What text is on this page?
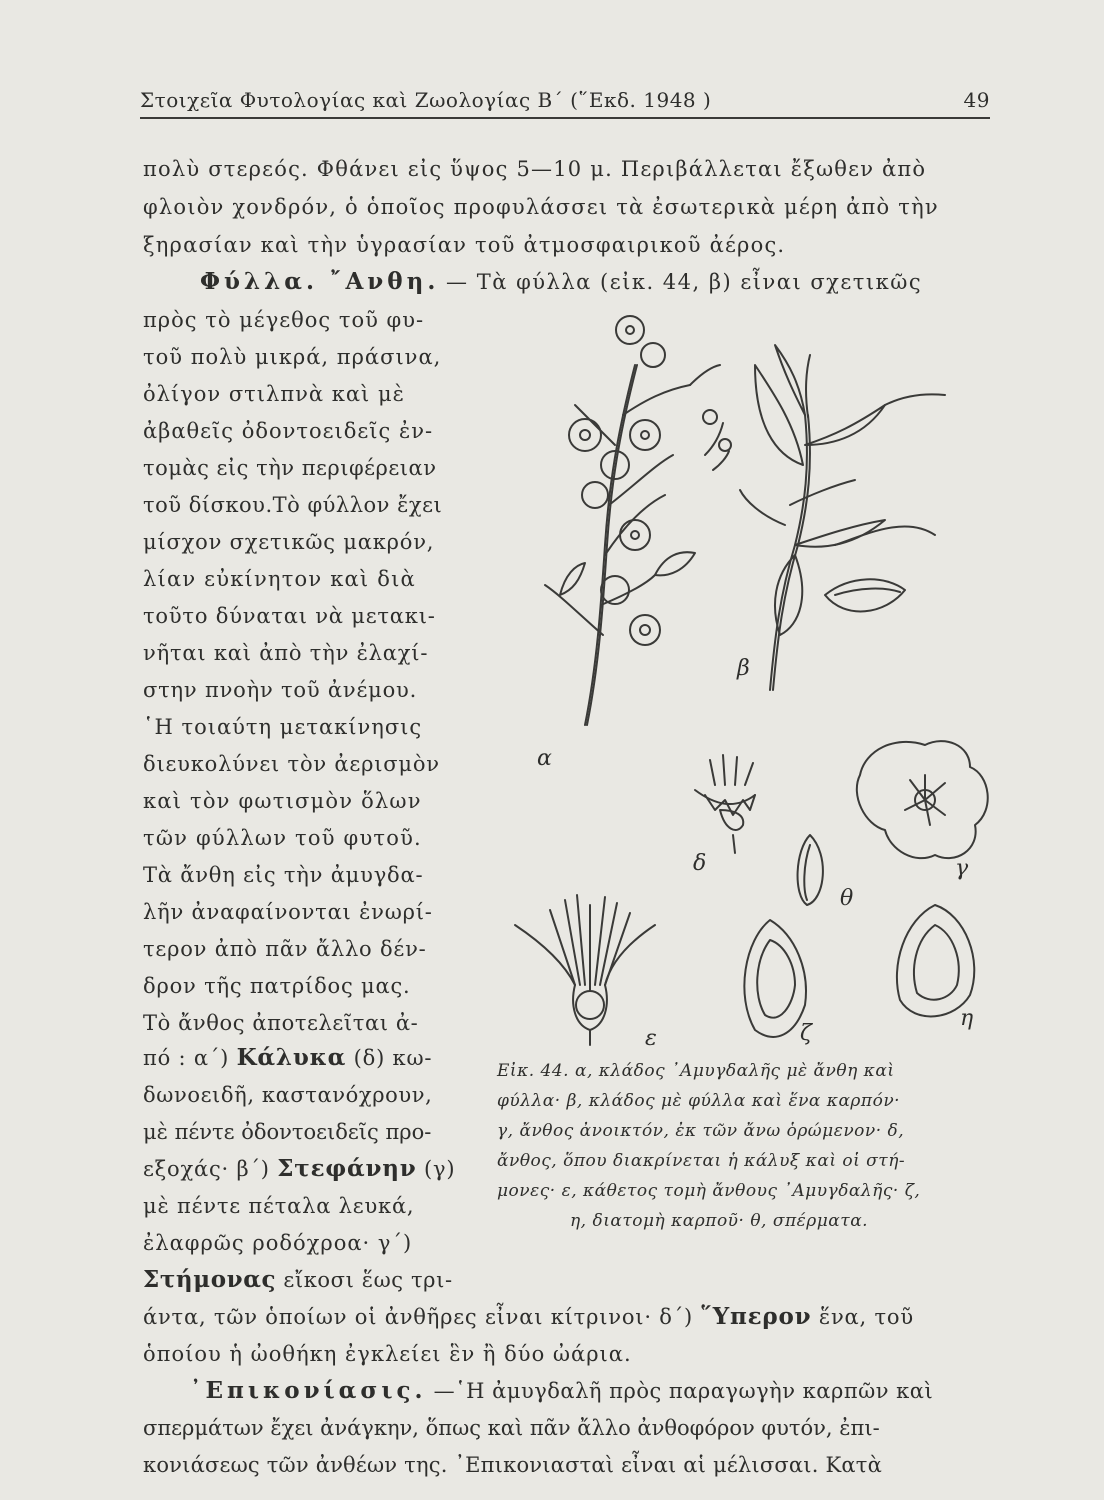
Στοιχεῖα Φυτολογίας καὶ Ζωολογίας Β΄ (῞Εκδ. 1948 )	49
πολὺ στερεός. Φθάνει εἰς ὕψος 5—10 μ. Περιβάλλεται ἔξωθεν ἀπὸ
φλοιὸν χονδρόν, ὁ ὁποῖος προφυλάσσει τὰ ἐσωτερικὰ μέρη ἀπὸ τὴν
ξηρασίαν καὶ τὴν ὑγρασίαν τοῦ ἀτμοσφαιρικοῦ ἀέρος.
Φύλλα. ῎Ανθη. — Τὰ φύλλα (εἰκ. 44, β) εἶναι σχετικῶς
πρὸς τὸ μέγεθος τοῦ φυ-
τοῦ πολὺ μικρά, πράσινα,
ὀλίγον στιλπνὰ καὶ μὲ
ἀβαθεῖς ὀδοντοειδεῖς ἐν-
τομὰς εἰς τὴν περιφέρειαν
τοῦ δίσκου.Τὸ φύλλον ἔχει
μίσχον σχετικῶς μακρόν,
λίαν εὐκίνητον καὶ διὰ
τοῦτο δύναται νὰ μετακι-
νῆται καὶ ἀπὸ τὴν ἐλαχί-
στην πνοὴν τοῦ ἀνέμου.
῾Η τοιαύτη μετακίνησις
διευκολύνει τὸν ἀερισμὸν
καὶ τὸν φωτισμὸν ὅλων
τῶν φύλλων τοῦ φυτοῦ.
Τὰ ἄνθη εἰς τὴν ἀμυγδα-
λῆν ἀναφαίνονται ἐνωρί-
τερον ἀπὸ πᾶν ἄλλο δέν-
δρον τῆς πατρίδος μας.
Τὸ ἄνθος ἀποτελεῖται ἀ-
πό : α΄) Κάλυκα (δ) κω-
δωνοειδῆ, καστανόχρουν,
μὲ πέντε ὀδοντοειδεῖς προ-
εξοχάς· β΄) Στεφάνην (γ)
μὲ πέντε πέταλα λευκά,
ἐλαφρῶς ροδόχροα· γ΄)
Στήμονας εἴκοσι ἕως τρι-
α
β
γ
δ
ε	ζ
η
θ
Εἰκ. 44. α, κλάδος ᾿Αμυγδαλῆς μὲ ἄνθη καὶ
φύλλα· β, κλάδος μὲ φύλλα καὶ ἕνα καρπόν·
γ, ἄνθος ἀνοικτόν, ἐκ τῶν ἄνω ὁρώμενον· δ,
ἄνθος, ὅπου διακρίνεται ἡ κάλυξ καὶ οἱ στή-
μονες· ε, κάθετος τομὴ ἄνθους ᾿Αμυγδαλῆς· ζ,
η, διατομὴ καρποῦ· θ, σπέρματα.
άντα, τῶν ὁποίων οἱ ἀνθῆρες εἶναι κίτρινοι· δ΄) ῞Υπερον ἕνα, τοῦ
ὁποίου ἡ ὠοθήκη ἐγκλείει ἓν ἢ δύο ὠάρια.
᾿Επικονίασις. —῾Η ἀμυγδαλῆ πρὸς παραγωγὴν καρπῶν καὶ
σπερμάτων ἔχει ἀνάγκην, ὅπως καὶ πᾶν ἄλλο ἀνθοφόρον φυτόν, ἐπι-
κονιάσεως τῶν ἀνθέων της. ᾿Επικονιασταὶ εἶναι αἱ μέλισσαι. Κατὰ
